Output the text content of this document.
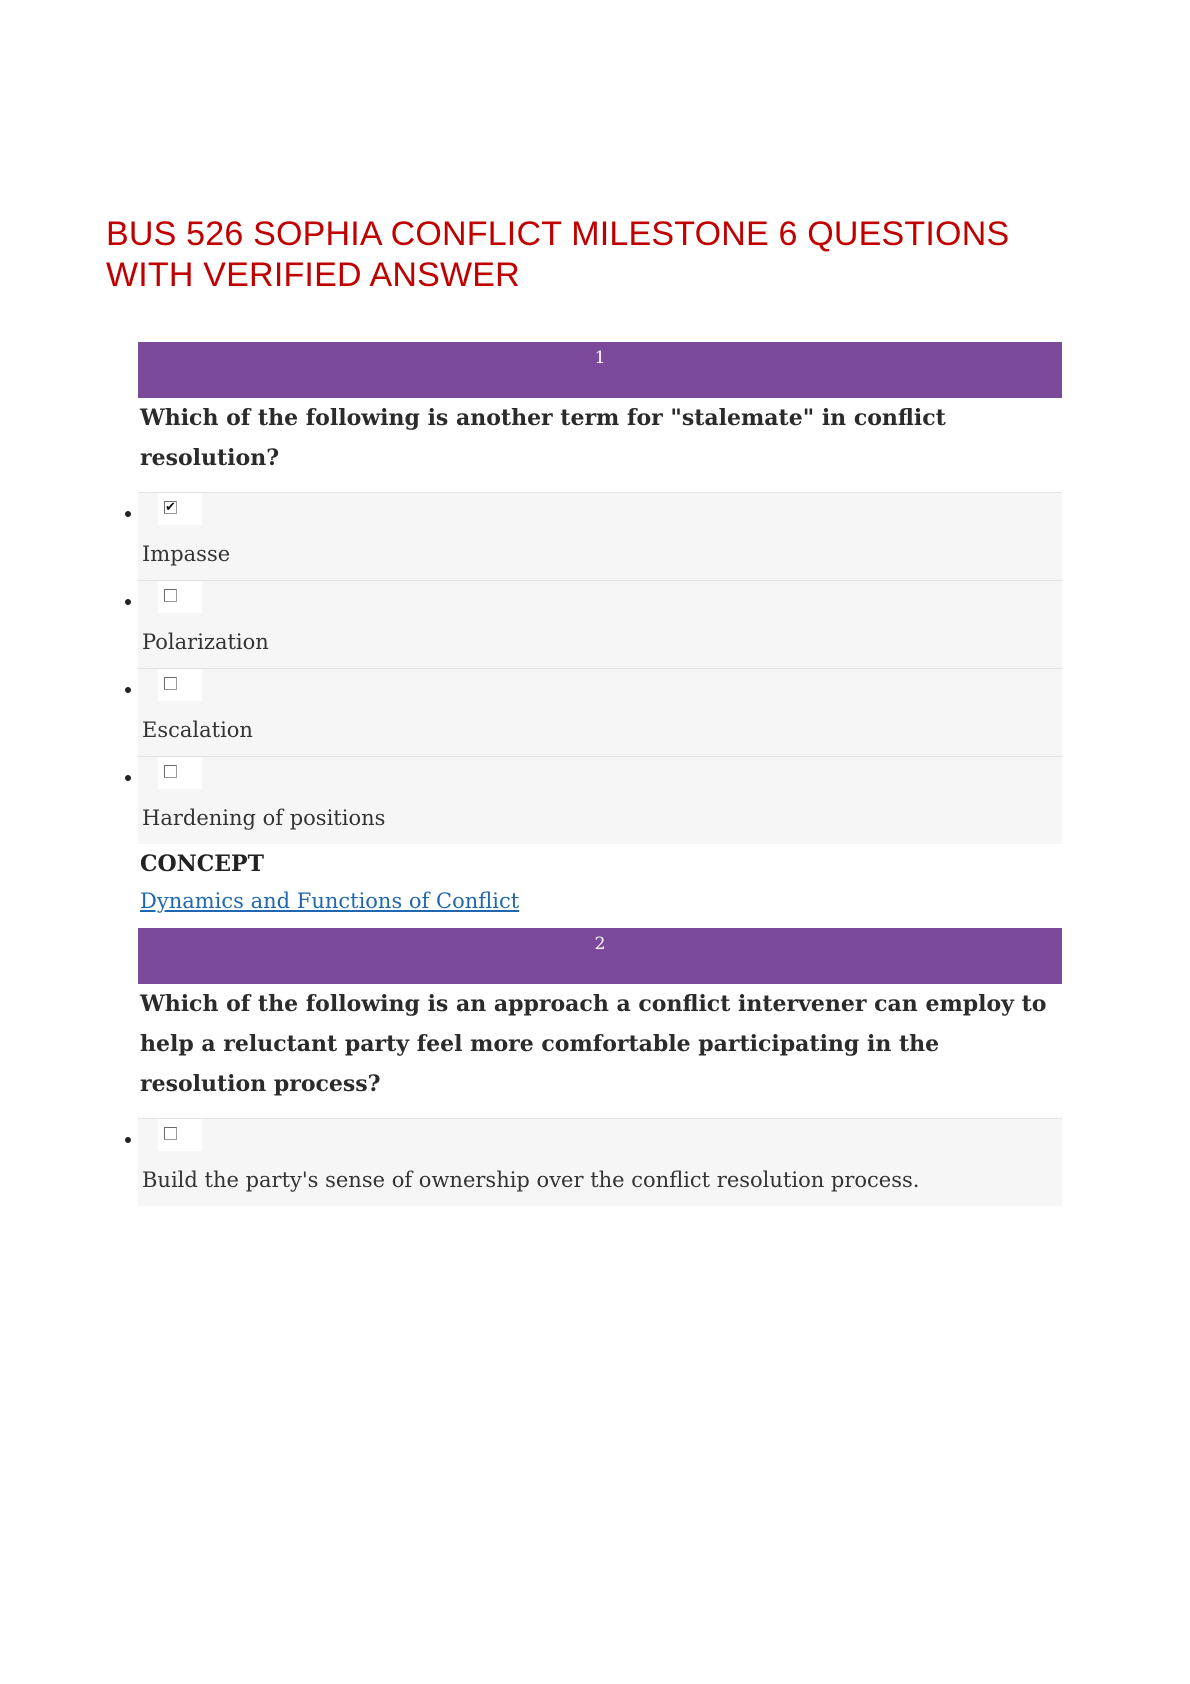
BUS 526 SOPHIA CONFLICT MILESTONE 6 QUESTIONS WITH VERIFIED ANSWER
1

Which of the following is another term for "stalemate" in conflict resolution?

✔
Impasse
Polarization
Escalation
Hardening of positions
CONCEPT
Dynamics and Functions of Conflict
2

Which of the following is an approach a conflict intervener can employ to help a reluctant party feel more comfortable participating in the resolution process?

Build the party's sense of ownership over the conflict resolution process.
